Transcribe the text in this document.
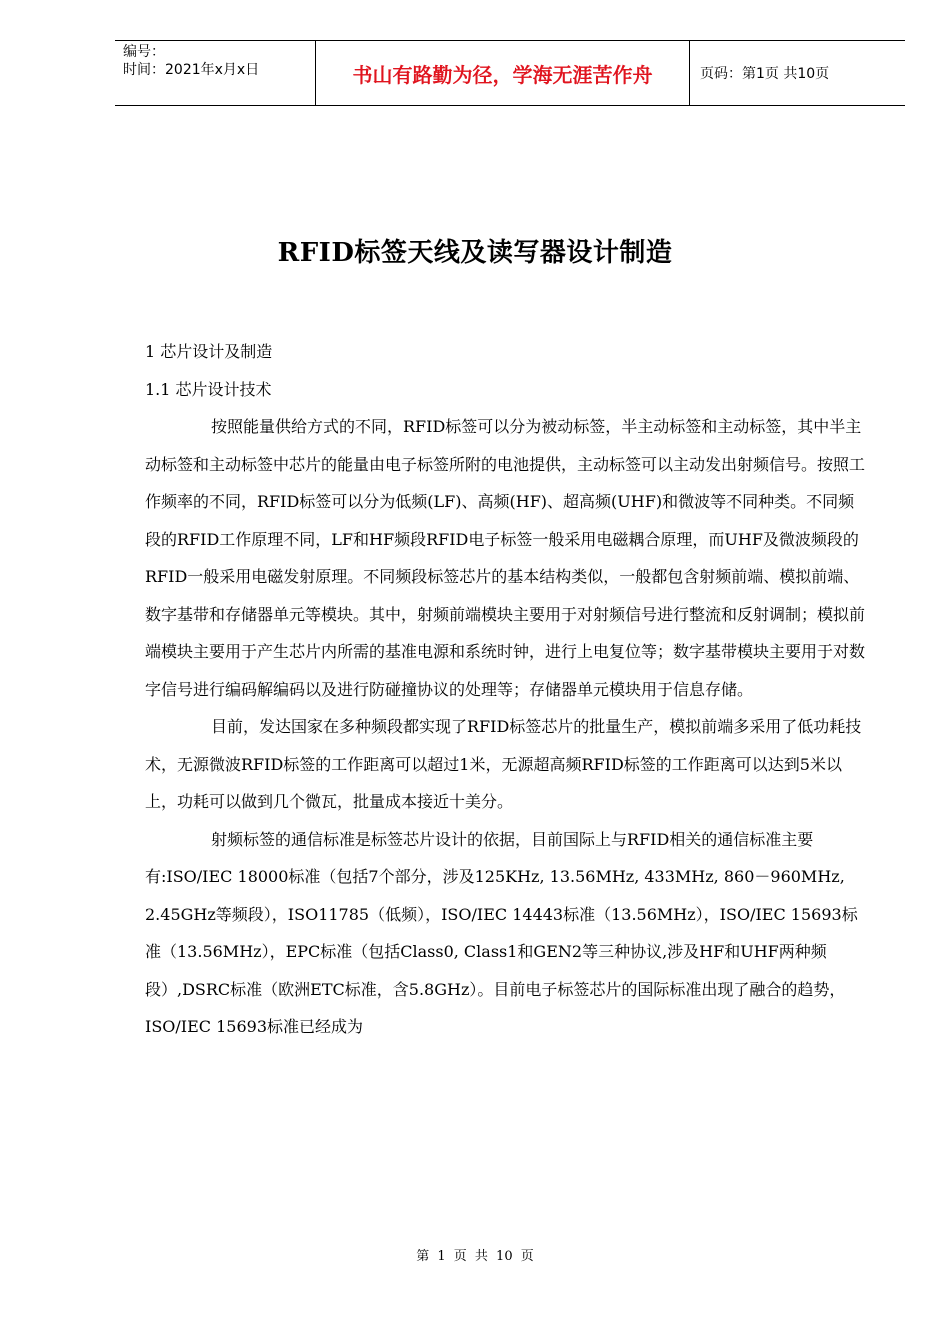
编号：
时间：2021年x月x日	书山有路勤为径，学海无涯苦作舟	页码：第1页 共10页
RFID标签天线及读写器设计制造

1 芯片设计及制造

1.1 芯片设计技术

按照能量供给方式的不同，RFID标签可以分为被动标签，半主动标签和主动标签，其中半主动标签和主动标签中芯片的能量由电子标签所附的电池提供，主动标签可以主动发出射频信号。按照工作频率的不同，RFID标签可以分为低频(LF)、高频(HF)、超高频(UHF)和微波等不同种类。不同频段的RFID工作原理不同，LF和HF频段RFID电子标签一般采用电磁耦合原理，而UHF及微波频段的RFID一般采用电磁发射原理。不同频段标签芯片的基本结构类似，一般都包含射频前端、模拟前端、数字基带和存储器单元等模块。其中，射频前端模块主要用于对射频信号进行整流和反射调制；模拟前端模块主要用于产生芯片内所需的基准电源和系统时钟，进行上电复位等；数字基带模块主要用于对数字信号进行编码解编码以及进行防碰撞协议的处理等；存储器单元模块用于信息存储。

目前，发达国家在多种频段都实现了RFID标签芯片的批量生产，模拟前端多采用了低功耗技术，无源微波RFID标签的工作距离可以超过1米，无源超高频RFID标签的工作距离可以达到5米以上，功耗可以做到几个微瓦，批量成本接近十美分。

射频标签的通信标准是标签芯片设计的依据，目前国际上与RFID相关的通信标准主要有:ISO/IEC 18000标准（包括7个部分，涉及125KHz, 13.56MHz, 433MHz, 860－960MHz, 2.45GHz等频段），ISO11785（低频），ISO/IEC 14443标准（13.56MHz），ISO/IEC 15693标准（13.56MHz），EPC标准（包括Class0, Class1和GEN2等三种协议,涉及HF和UHF两种频段）,DSRC标准（欧洲ETC标准，含5.8GHz）。目前电子标签芯片的国际标准出现了融合的趋势，ISO/IEC 15693标准已经成为

第 1 页 共 10 页
